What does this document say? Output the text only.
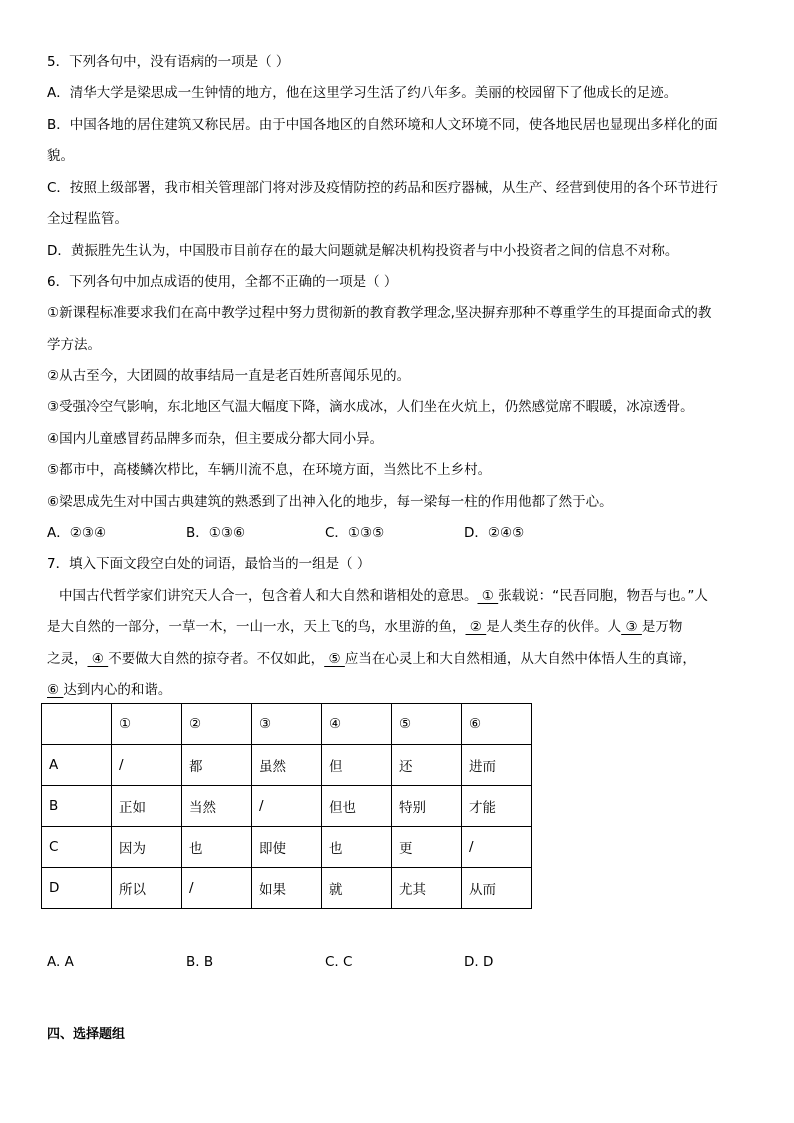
5．下列各句中，没有语病的一项是（ ）
A．清华大学是梁思成一生钟情的地方，他在这里学习生活了约八年多。美丽的校园留下了他成长的足迹。
B．中国各地的居住建筑又称民居。由于中国各地区的自然环境和人文环境不同，使各地民居也显现出多样化的面
貌。
C．按照上级部署，我市相关管理部门将对涉及疫情防控的药品和医疗器械，从生产、经营到使用的各个环节进行
全过程监管。
D．黄振胜先生认为，中国股市目前存在的最大问题就是解决机构投资者与中小投资者之间的信息不对称。
6．下列各句中加点成语的使用，全都不正确的一项是（ ）
①新课程标准要求我们在高中教学过程中努力贯彻新的教育教学理念,坚决摒弃那种不尊重学生的耳提面命式的教
学方法。
②从古至今，大团圆的故事结局一直是老百姓所喜闻乐见的。
③受强冷空气影响，东北地区气温大幅度下降，滴水成冰，人们坐在火炕上，仍然感觉席不暇暖，冰凉透骨。
④国内儿童感冒药品牌多而杂，但主要成分都大同小异。
⑤都市中，高楼鳞次栉比，车辆川流不息，在环境方面，当然比不上乡村。
⑥梁思成先生对中国古典建筑的熟悉到了出神入化的地步，每一梁每一柱的作用他都了然于心。
A．②③④	B．①③⑥	C．①③⑤	D．②④⑤
7．填入下面文段空白处的词语，最恰当的一组是（ ）
中国古代哲学家们讲究天人合一，包含着人和大自然和谐相处的意思。 ① 张载说：“民吾同胞，物吾与也。”人
是大自然的一部分，一草一木，一山一水，天上飞的鸟，水里游的鱼， ② 是人类生存的伙伴。人 ③ 是万物
之灵， ④ 不要做大自然的掠夺者。不仅如此， ⑤ 应当在心灵上和大自然相通，从大自然中体悟人生的真谛，
⑥ 达到内心的和谐。
	①	②	③	④	⑤	⑥
A	/	都	虽然	但	还	进而
B	正如	当然	/	但也	特别	才能
C	因为	也	即使	也	更	/
D	所以	/	如果	就	尤其	从而
A. A	B. B	C. C	D. D
四、选择题组
